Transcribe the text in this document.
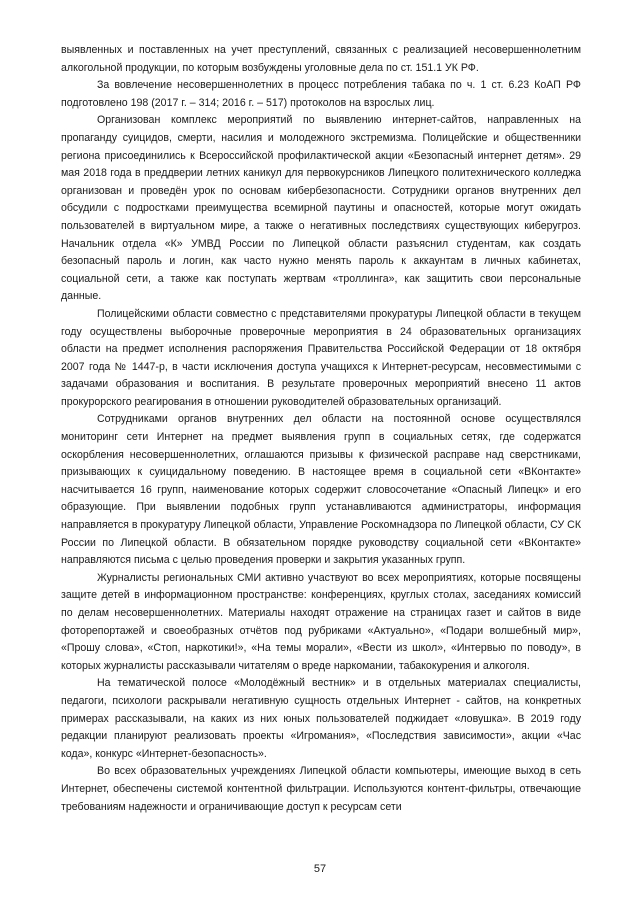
выявленных и поставленных на учет преступлений, связанных с реализацией несовершеннолетним алкогольной продукции, по которым возбуждены уголовные дела по ст. 151.1 УК РФ.

За вовлечение несовершеннолетних в процесс потребления табака по ч. 1 ст. 6.23 КоАП РФ подготовлено 198 (2017 г. – 314; 2016 г. – 517) протоколов на взрослых лиц.

Организован комплекс мероприятий по выявлению интернет-сайтов, направленных на пропаганду суицидов, смерти, насилия и молодежного экстремизма. Полицейские и общественники региона присоединились к Всероссийской профилактической акции «Безопасный интернет детям». 29 мая 2018 года в преддверии летних каникул для первокурсников Липецкого политехнического колледжа организован и проведён урок по основам кибербезопасности. Сотрудники органов внутренних дел обсудили с подростками преимущества всемирной паутины и опасностей, которые могут ожидать пользователей в виртуальном мире, а также о негативных последствиях существующих киберугроз. Начальник отдела «К» УМВД России по Липецкой области разъяснил студентам, как создать безопасный пароль и логин, как часто нужно менять пароль к аккаунтам в личных кабинетах, социальной сети, а также как поступать жертвам «троллинга», как защитить свои персональные данные.

Полицейскими области совместно с представителями прокуратуры Липецкой области в текущем году осуществлены выборочные проверочные мероприятия в 24 образовательных организациях области на предмет исполнения распоряжения Правительства Российской Федерации от 18 октября 2007 года № 1447-р, в части исключения доступа учащихся к Интернет-ресурсам, несовместимыми с задачами образования и воспитания. В результате проверочных мероприятий внесено 11 актов прокурорского реагирования в отношении руководителей образовательных организаций.

Сотрудниками органов внутренних дел области на постоянной основе осуществлялся мониторинг сети Интернет на предмет выявления групп в социальных сетях, где содержатся оскорбления несовершеннолетних, оглашаются призывы к физической расправе над сверстниками, призывающих к суицидальному поведению. В настоящее время в социальной сети «ВКонтакте» насчитывается 16 групп, наименование которых содержит словосочетание «Опасный Липецк» и его образующие. При выявлении подобных групп устанавливаются администраторы, информация направляется в прокуратуру Липецкой области, Управление Роскомнадзора по Липецкой области, СУ СК России по Липецкой области. В обязательном порядке руководству социальной сети «ВКонтакте» направляются письма с целью проведения проверки и закрытия указанных групп.

Журналисты региональных СМИ активно участвуют во всех мероприятиях, которые посвящены защите детей в информационном пространстве: конференциях, круглых столах, заседаниях комиссий по делам несовершеннолетних. Материалы находят отражение на страницах газет и сайтов в виде фоторепортажей и своеобразных отчётов под рубриками «Актуально», «Подари волшебный мир», «Прошу слова», «Стоп, наркотики!», «На темы морали», «Вести из школ», «Интервью по поводу», в которых журналисты рассказывали читателям о вреде наркомании, табакокурения и алкоголя.

На тематической полосе «Молодёжный вестник» и в отдельных материалах специалисты, педагоги, психологи раскрывали негативную сущность отдельных Интернет - сайтов, на конкретных примерах рассказывали, на каких из них юных пользователей поджидает «ловушка». В 2019 году редакции планируют реализовать проекты «Игромания», «Последствия зависимости», акции «Час кода», конкурс «Интернет-безопасность».

Во всех образовательных учреждениях Липецкой области компьютеры, имеющие выход в сеть Интернет, обеспечены системой контентной фильтрации. Используются контент-фильтры, отвечающие требованиям надежности и ограничивающие доступ к ресурсам сети

57
